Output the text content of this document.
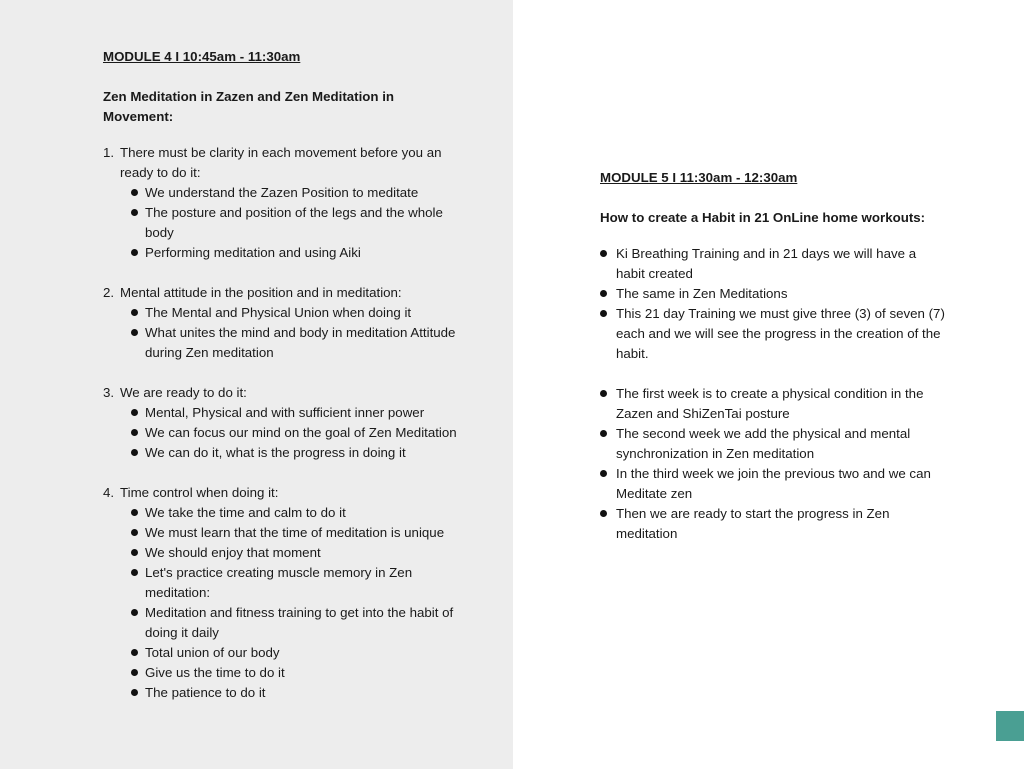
MODULE 4 I 10:45am - 11:30am
Zen Meditation in Zazen and Zen Meditation in Movement:
1. There must be clarity in each movement before you an ready to do it:
We understand the Zazen Position to meditate
The posture and position of the legs and the whole body
Performing meditation and using Aiki
2. Mental attitude in the position and in meditation:
The Mental and Physical Union when doing it
What unites the mind and body in meditation Attitude during Zen meditation
3. We are ready to do it:
Mental, Physical and with sufficient inner power
We can focus our mind on the goal of Zen Meditation
We can do it, what is the progress in doing it
4. Time control when doing it:
We take the time and calm to do it
We must learn that the time of meditation is unique
We should enjoy that moment
Let's practice creating muscle memory in Zen meditation:
Meditation and fitness training to get into the habit of doing it daily
Total union of our body
Give us the time to do it
The patience to do it
MODULE 5 I 11:30am - 12:30am
How to create a Habit in 21 OnLine home workouts:
Ki Breathing Training and in 21 days we will have a habit created
The same in Zen Meditations
This 21 day Training we must give three (3) of seven (7) each and we will see the progress in the creation of the habit.
The first week is to create a physical condition in the Zazen and ShiZenTai posture
The second week we add the physical and mental synchronization in Zen meditation
In the third week we join the previous two and we can Meditate zen
Then we are ready to start the progress in Zen meditation
